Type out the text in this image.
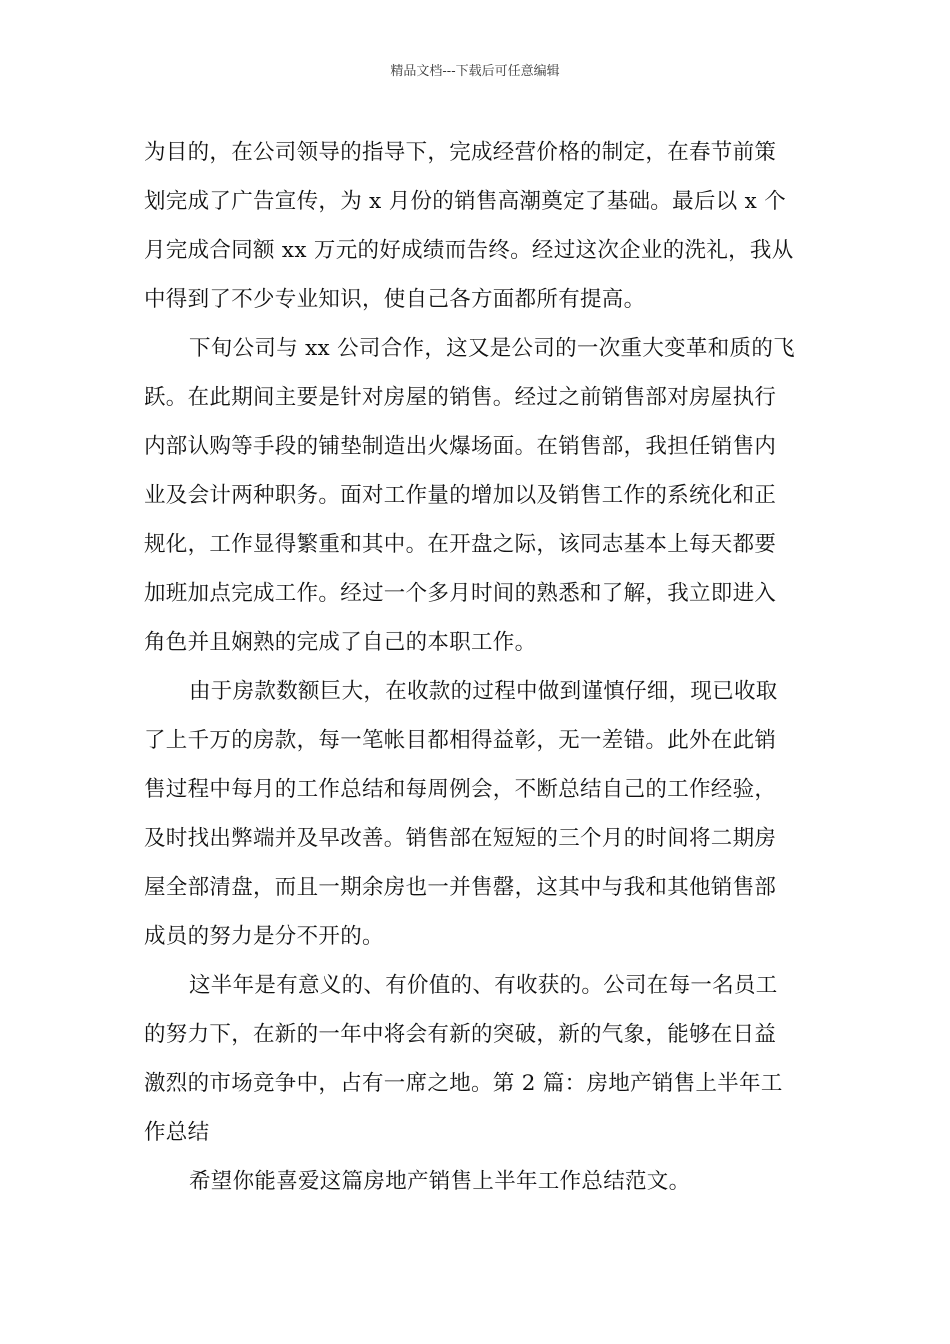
精品文档---下载后可任意编辑
为目的，在公司领导的指导下，完成经营价格的制定，在春节前策
划完成了广告宣传，为 x 月份的销售高潮奠定了基础。最后以 x 个
月完成合同额 xx 万元的好成绩而告终。经过这次企业的洗礼，我从
中得到了不少专业知识，使自己各方面都所有提高。
下旬公司与 xx 公司合作，这又是公司的一次重大变革和质的飞
跃。在此期间主要是针对房屋的销售。经过之前销售部对房屋执行
内部认购等手段的铺垫制造出火爆场面。在销售部，我担任销售内
业及会计两种职务。面对工作量的增加以及销售工作的系统化和正
规化，工作显得繁重和其中。在开盘之际，该同志基本上每天都要
加班加点完成工作。经过一个多月时间的熟悉和了解，我立即进入
角色并且娴熟的完成了自己的本职工作。
由于房款数额巨大，在收款的过程中做到谨慎仔细，现已收取
了上千万的房款，每一笔帐目都相得益彰，无一差错。此外在此销
售过程中每月的工作总结和每周例会，不断总结自己的工作经验，
及时找出弊端并及早改善。销售部在短短的三个月的时间将二期房
屋全部清盘，而且一期余房也一并售罄，这其中与我和其他销售部
成员的努力是分不开的。
这半年是有意义的、有价值的、有收获的。公司在每一名员工
的努力下，在新的一年中将会有新的突破，新的气象，能够在日益
激烈的市场竞争中，占有一席之地。第 2 篇：房地产销售上半年工
作总结
希望你能喜爱这篇房地产销售上半年工作总结范文。
